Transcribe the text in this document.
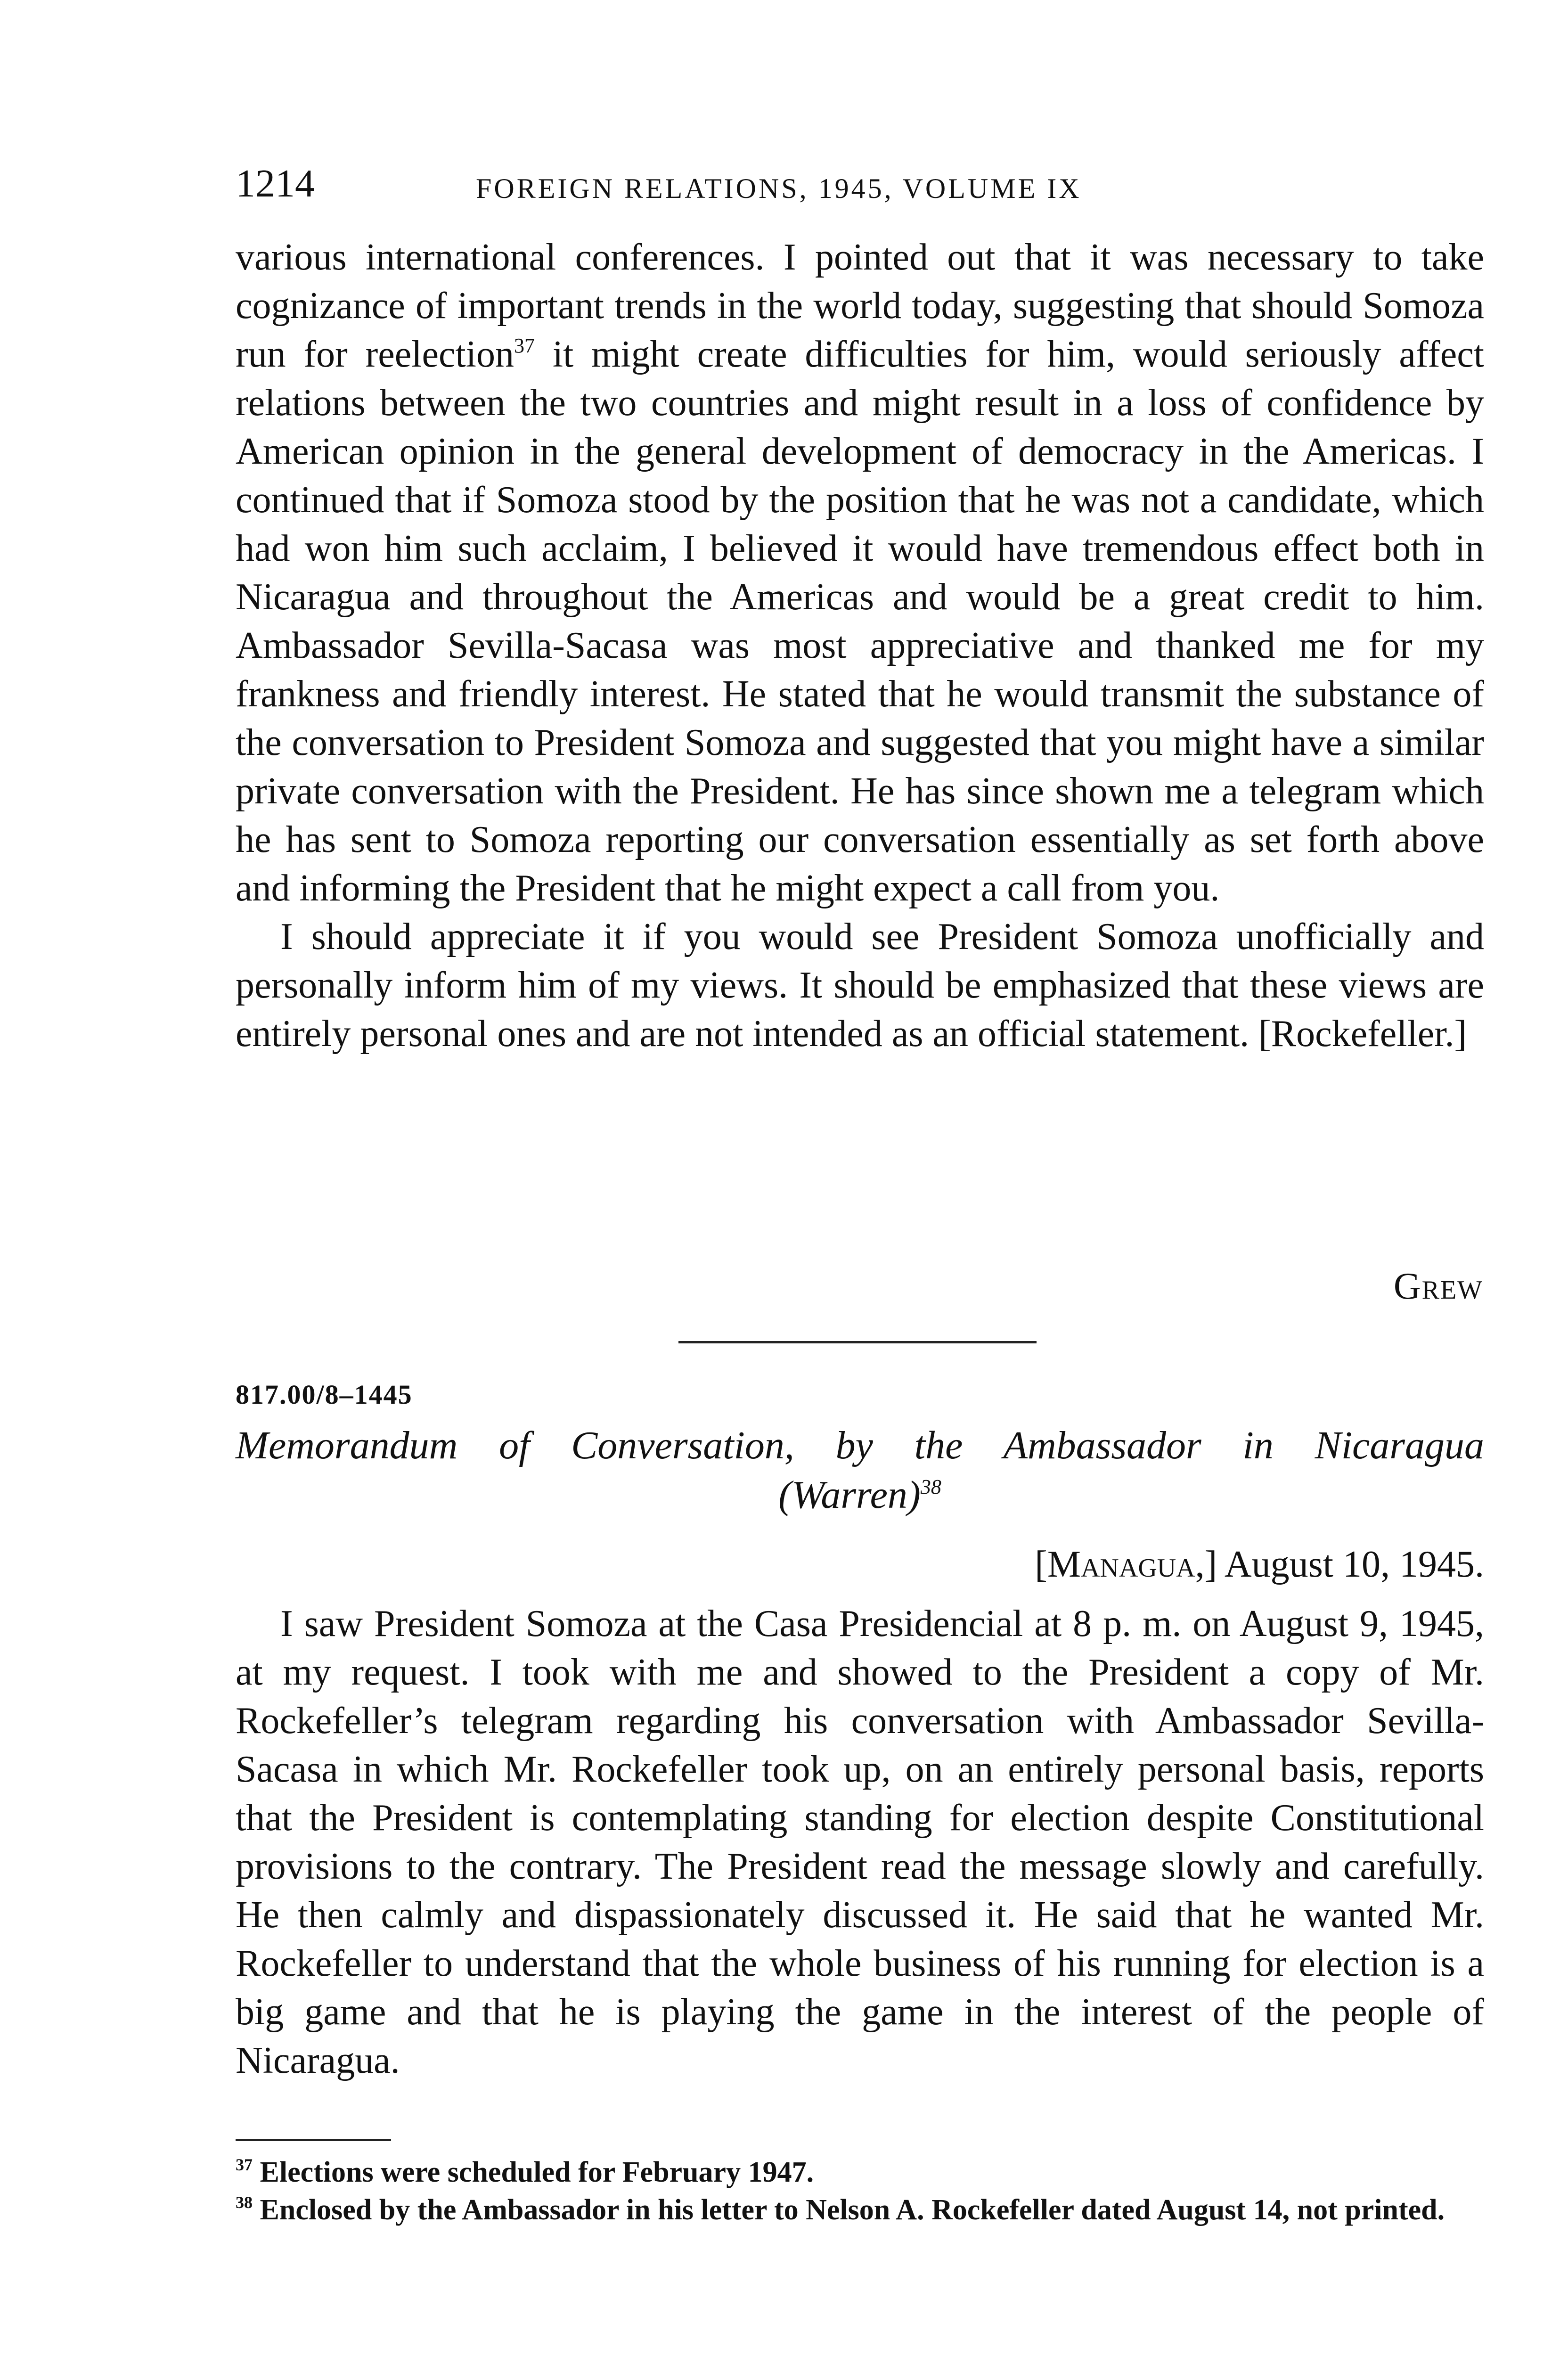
1214	FOREIGN RELATIONS, 1945, VOLUME IX

various international conferences. I pointed out that it was necessary to take cognizance of important trends in the world today, suggesting that should Somoza run for reelection$^{37}$ it might create difficulties for him, would seriously affect relations between the two countries and might result in a loss of confidence by American opinion in the general development of democracy in the Americas. I continued that if Somoza stood by the position that he was not a candidate, which had won him such acclaim, I believed it would have tremendous effect both in Nicaragua and throughout the Americas and would be a great credit to him. Ambassador Sevilla-Sacasa was most appreciative and thanked me for my frankness and friendly interest. He stated that he would transmit the substance of the conversation to President Somoza and suggested that you might have a similar private conversation with the President. He has since shown me a telegram which he has sent to Somoza reporting our conversation essentially as set forth above and informing the President that he might expect a call from you.

I should appreciate it if you would see President Somoza unofficially and personally inform him of my views. It should be emphasized that these views are entirely personal ones and are not intended as an official statement. [Rockefeller.]

Grew
817.00/8–1445
Memorandum of Conversation, by the Ambassador in Nicaragua
(Warren)$^{38}$
[Managua,] August 10, 1945.

I saw President Somoza at the Casa Presidencial at 8 p. m. on August 9, 1945, at my request. I took with me and showed to the President a copy of Mr. Rockefeller’s telegram regarding his conversation with Ambassador Sevilla-Sacasa in which Mr. Rockefeller took up, on an entirely personal basis, reports that the President is contemplating standing for election despite Constitutional provisions to the contrary. The President read the message slowly and carefully. He then calmly and dispassionately discussed it. He said that he wanted Mr. Rockefeller to understand that the whole business of his running for election is a big game and that he is playing the game in the interest of the people of Nicaragua.

$^{37}$ Elections were scheduled for February 1947.

$^{38}$ Enclosed by the Ambassador in his letter to Nelson A. Rockefeller dated August 14, not printed.
